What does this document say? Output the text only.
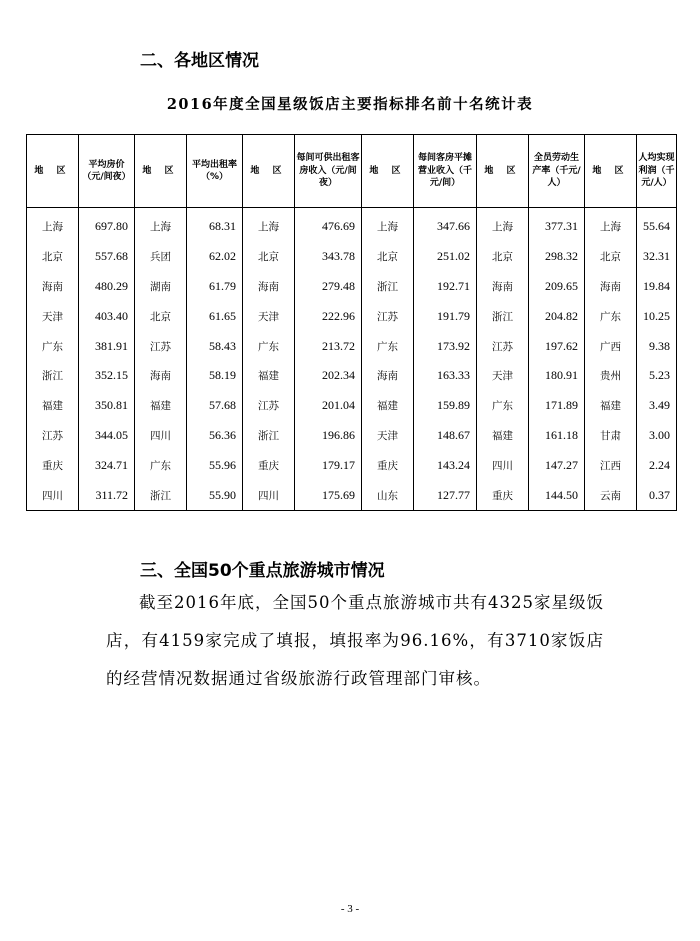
二、各地区情况
2016年度全国星级饭店主要指标排名前十名统计表
地 区	平均房价（元/间夜）	地 区	平均出租率（%）	地 区	每间可供出租客房收入（元/间夜）	地 区	每间客房平摊营业收入（千元/间）	地 区	全员劳动生产率（千元/人）	地 区	人均实现利润（千元/人）
上海	697.80	上海	68.31	上海	476.69	上海	347.66	上海	377.31	上海	55.64
北京	557.68	兵团	62.02	北京	343.78	北京	251.02	北京	298.32	北京	32.31
海南	480.29	湖南	61.79	海南	279.48	浙江	192.71	海南	209.65	海南	19.84
天津	403.40	北京	61.65	天津	222.96	江苏	191.79	浙江	204.82	广东	10.25
广东	381.91	江苏	58.43	广东	213.72	广东	173.92	江苏	197.62	广西	9.38
浙江	352.15	海南	58.19	福建	202.34	海南	163.33	天津	180.91	贵州	5.23
福建	350.81	福建	57.68	江苏	201.04	福建	159.89	广东	171.89	福建	3.49
江苏	344.05	四川	56.36	浙江	196.86	天津	148.67	福建	161.18	甘肃	3.00
重庆	324.71	广东	55.96	重庆	179.17	重庆	143.24	四川	147.27	江西	2.24
四川	311.72	浙江	55.90	四川	175.69	山东	127.77	重庆	144.50	云南	0.37
三、全国50个重点旅游城市情况
截至2016年底，全国50个重点旅游城市共有4325家星级饭店，有4159家完成了填报，填报率为96.16%，有3710家饭店的经营情况数据通过省级旅游行政管理部门审核。
- 3 -
